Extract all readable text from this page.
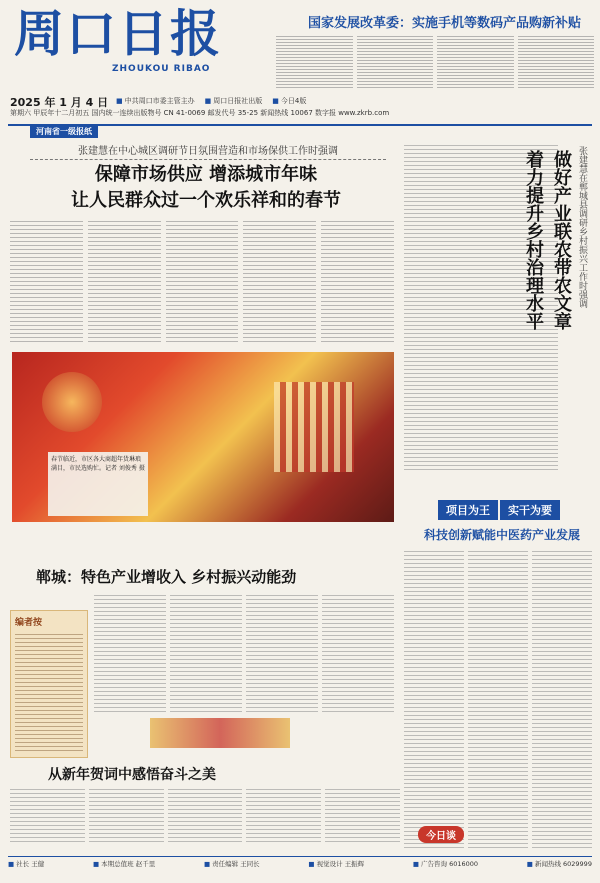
周口日报
ZHOUKOU RIBAO
国家发展改革委：实施手机等数码产品购新补贴
2025 年 1 月 4 日	■ 中共周口市委主管主办	■ 周口日报社出版	■ 今日4版
第期六 甲辰年十二月初五 国内统一连续出版物号 CN 41-0069 邮发代号 35-25 新闻热线 10067 数字报 www.zkrb.com
河南省一级报纸
张建慧在中心城区调研节日氛围营造和市场保供工作时强调
保障市场供应 增添城市年味
让人民群众过一个欢乐祥和的春节
春节临近，市区各大商超年货琳琅满目，市民选购忙。记者 刘俊秀 摄
张建慧在郸城县调研乡村振兴工作时强调
做好产业联农带农文章
着力提升乡村治理水平
项目为王	实干为要
科技创新赋能中医药产业发展
郸城：特色产业增收入 乡村振兴动能劲
编者按
从新年贺词中感悟奋斗之美
今日谈
■ 社长 王健	■ 本期总值班 赵千里	■ 责任编辑 王同长	■ 视觉设计 王振辉	■ 广告咨询 6016000	■ 新闻热线 6029999
